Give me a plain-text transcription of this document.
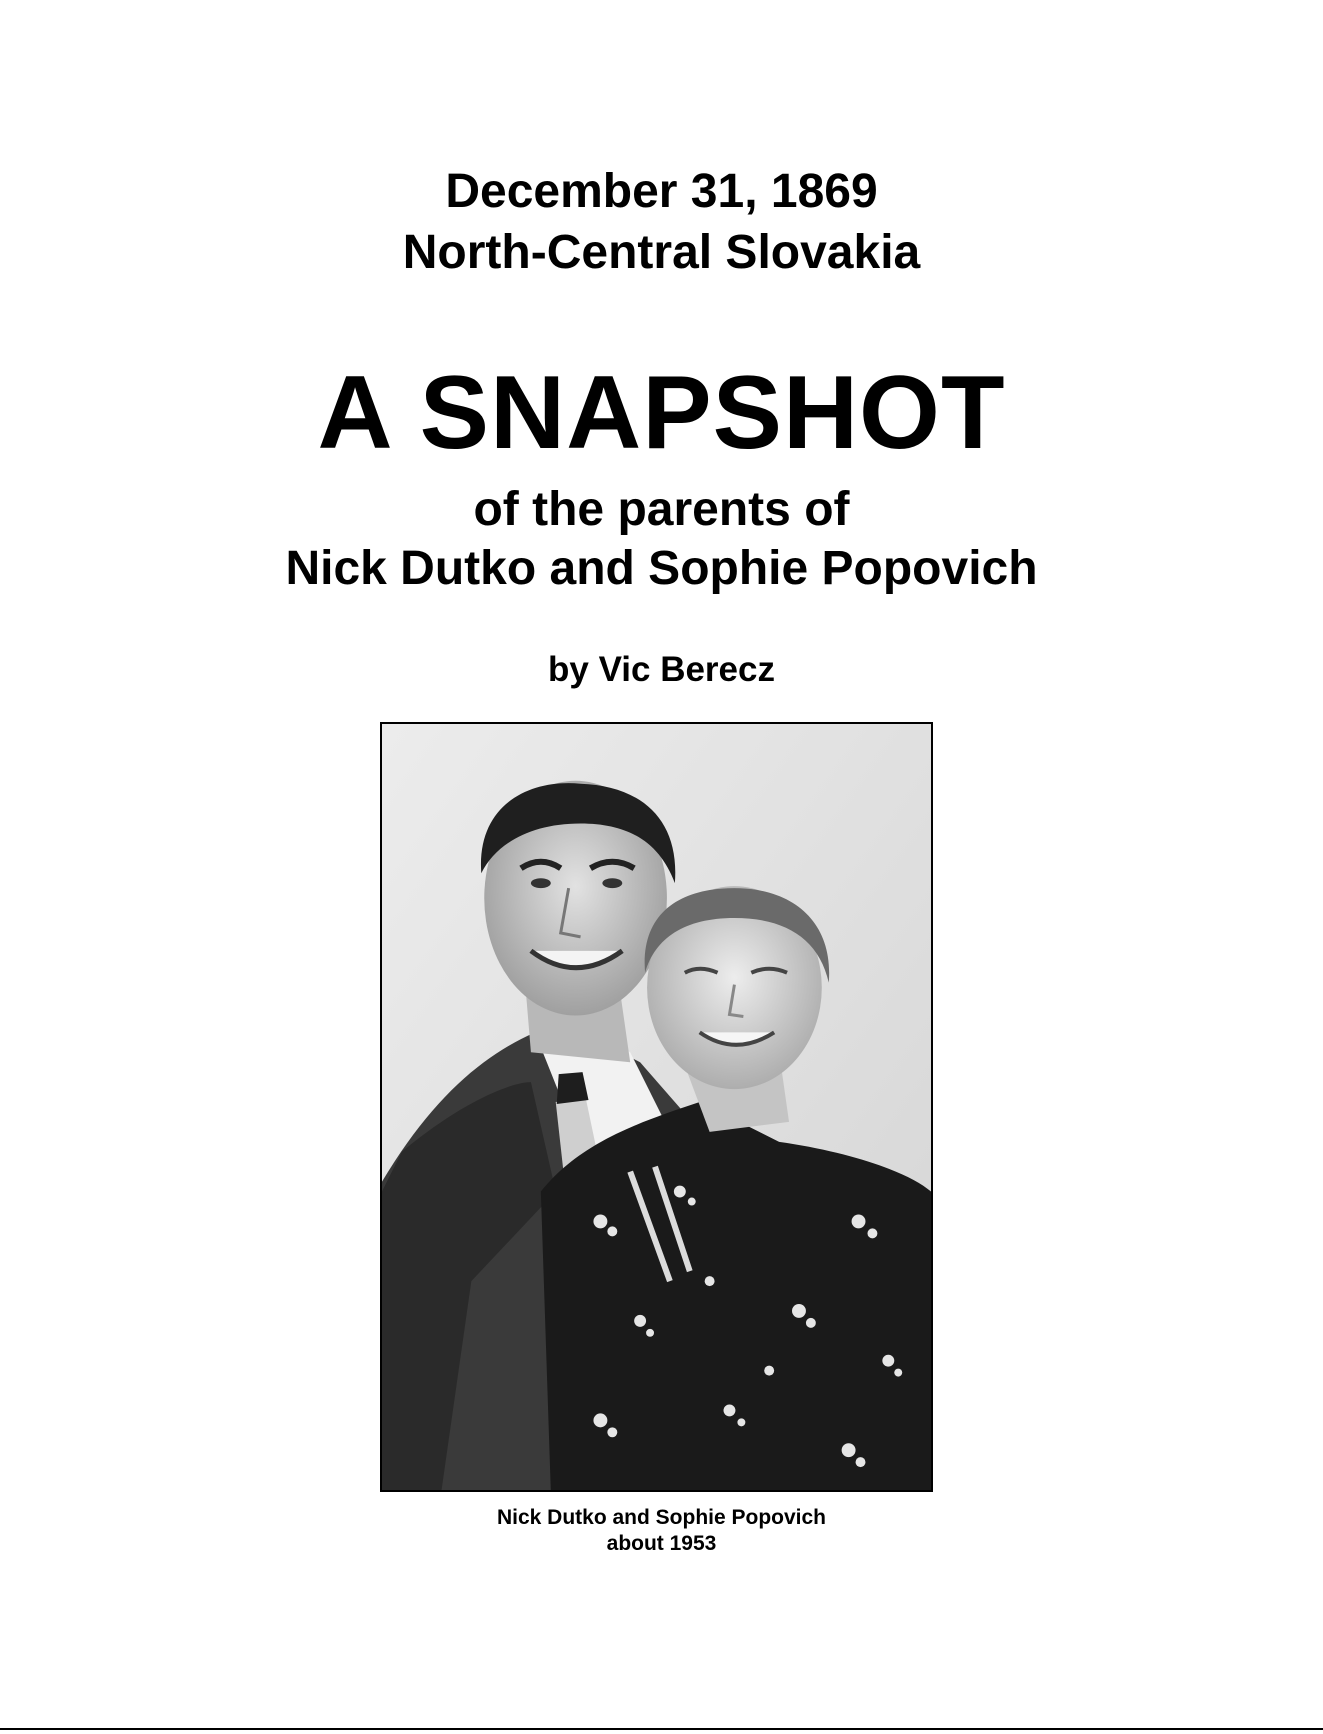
December 31, 1869
North-Central Slovakia
A SNAPSHOT
of the parents of
Nick Dutko and Sophie Popovich
by Vic Berecz
Nick Dutko and Sophie Popovich
about 1953
